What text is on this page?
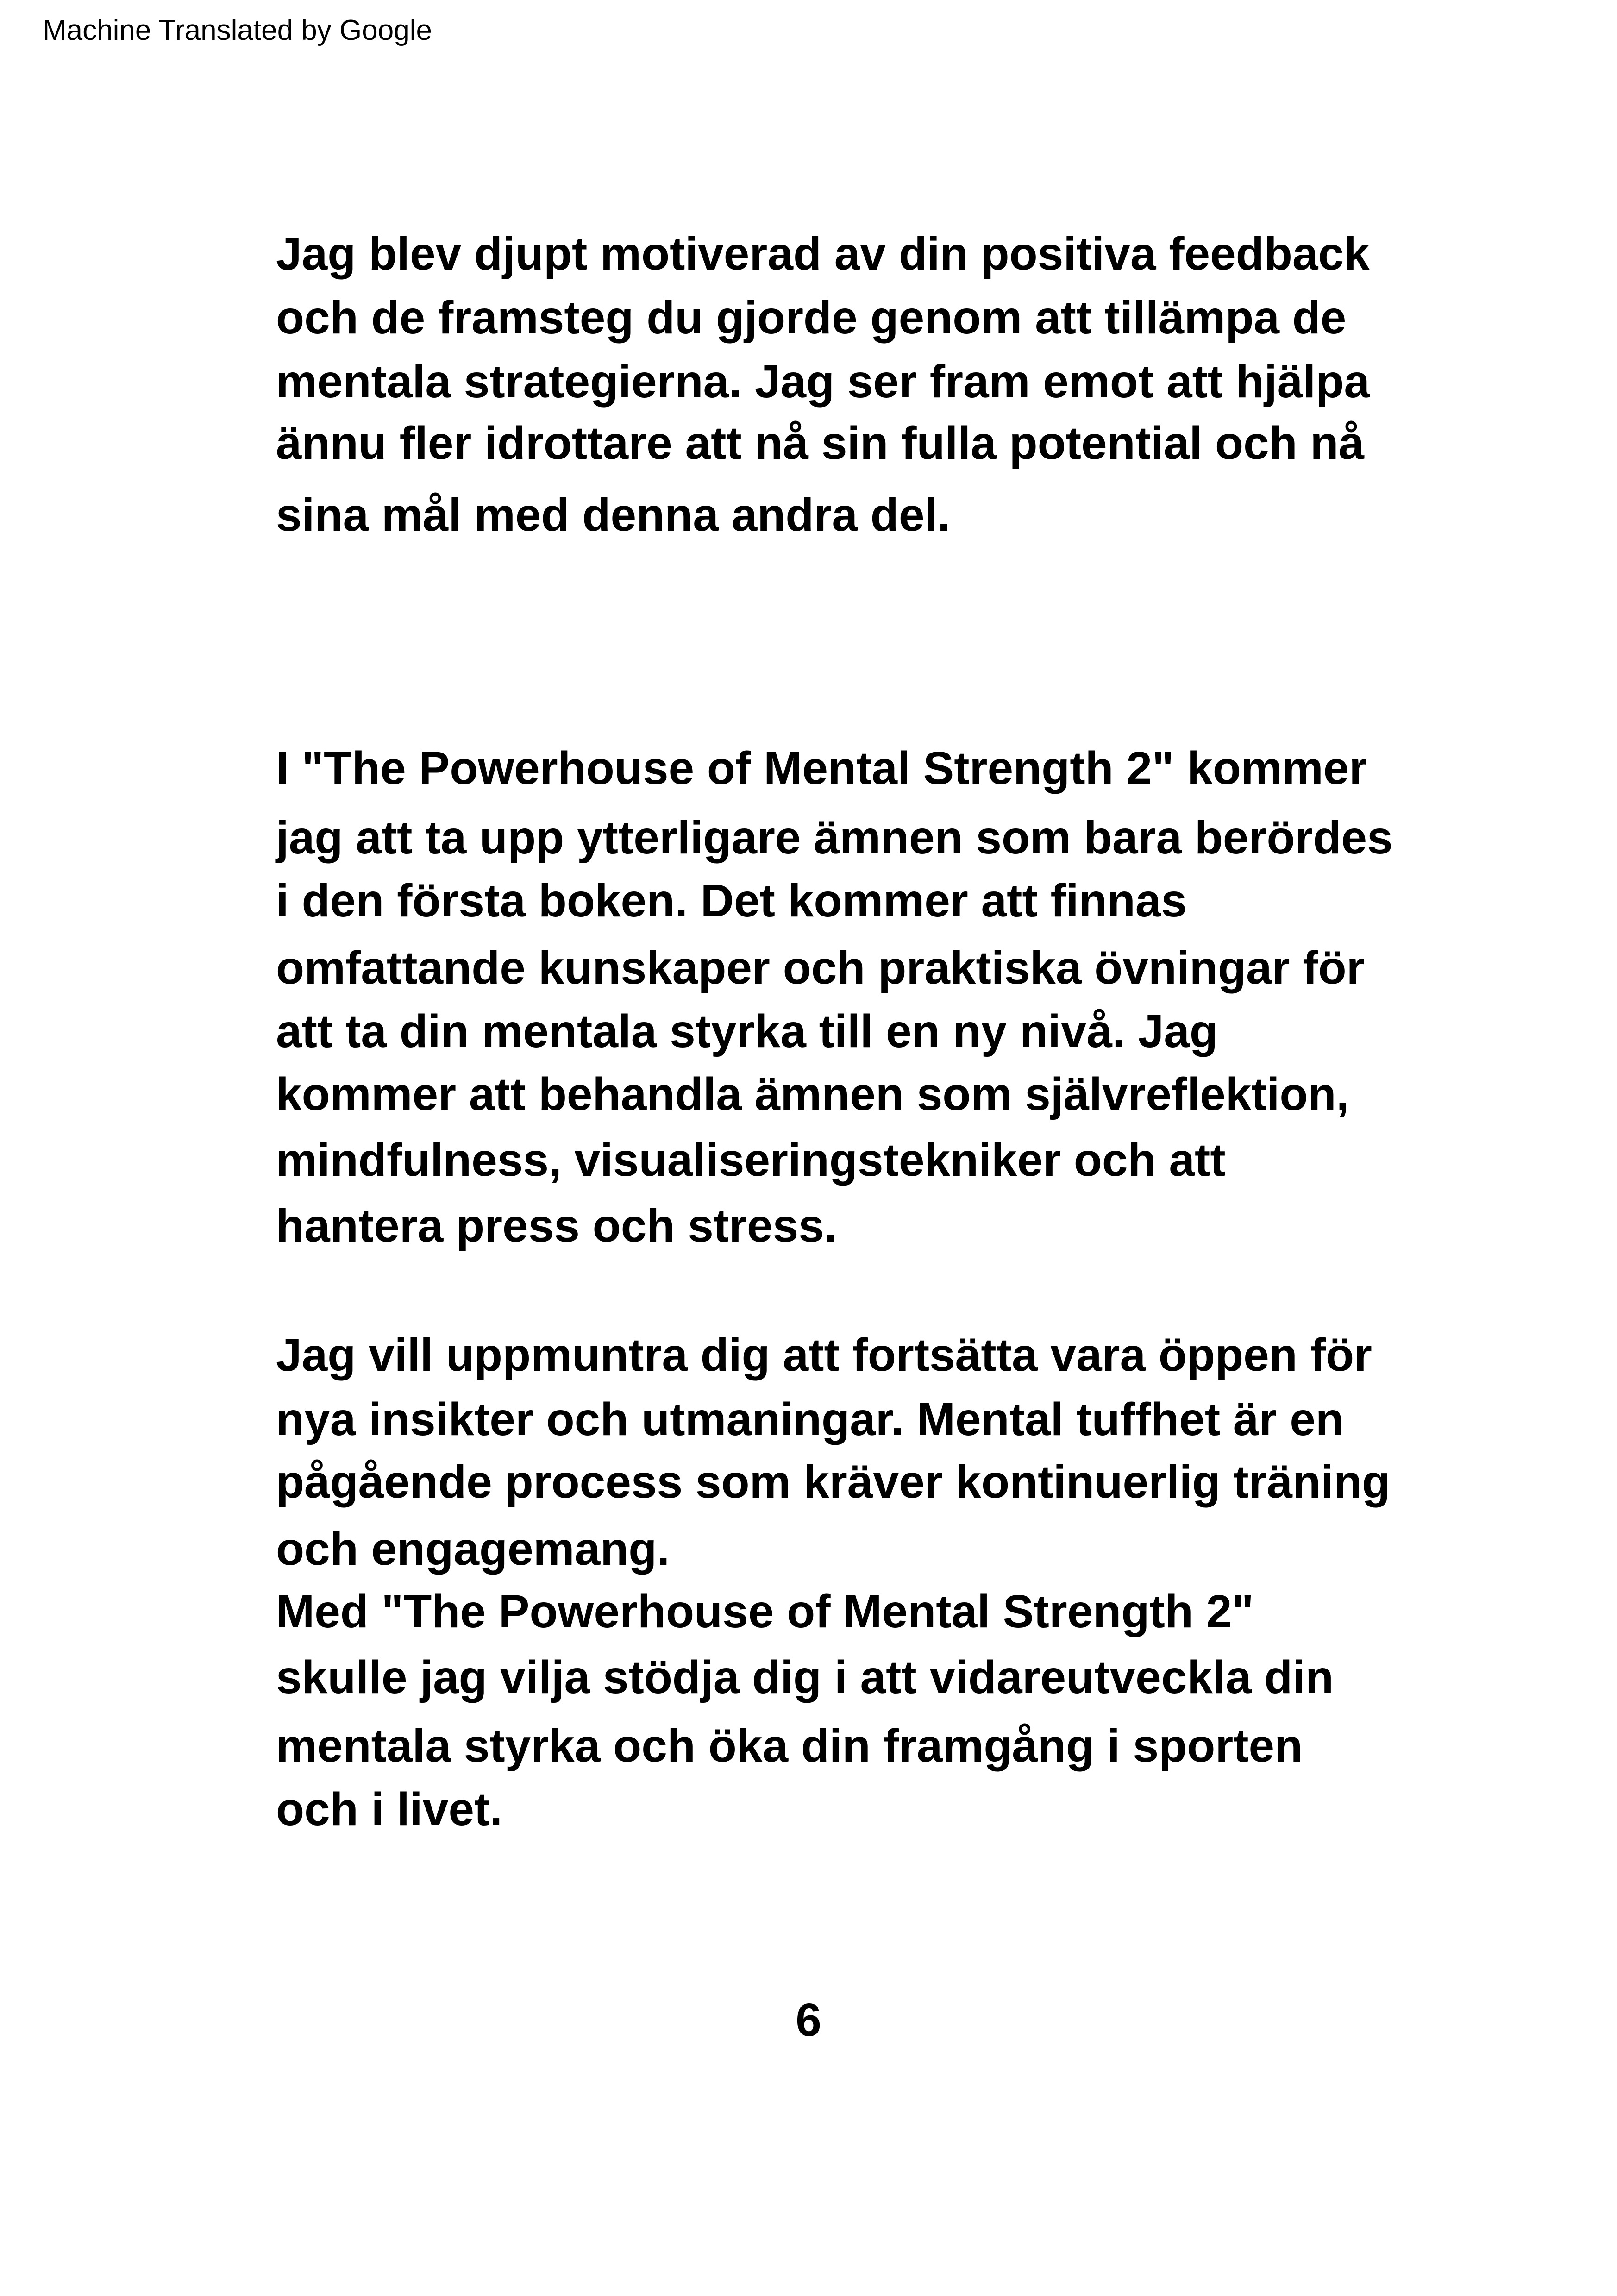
Machine Translated by Google
Jag blev djupt motiverad av din positiva feedback
och de framsteg du gjorde genom att tillämpa de
mentala strategierna. Jag ser fram emot att hjälpa
ännu fler idrottare att nå sin fulla potential och nå
sina mål med denna andra del.
I "The Powerhouse of Mental Strength 2" kommer
jag att ta upp ytterligare ämnen som bara berördes
i den första boken. Det kommer att finnas
omfattande kunskaper och praktiska övningar för
att ta din mentala styrka till en ny nivå. Jag
kommer att behandla ämnen som självreflektion,
mindfulness, visualiseringstekniker och att
hantera press och stress.
Jag vill uppmuntra dig att fortsätta vara öppen för
nya insikter och utmaningar. Mental tuffhet är en
pågående process som kräver kontinuerlig träning
och engagemang.
Med "The Powerhouse of Mental Strength 2"
skulle jag vilja stödja dig i att vidareutveckla din
mentala styrka och öka din framgång i sporten
och i livet.
6
